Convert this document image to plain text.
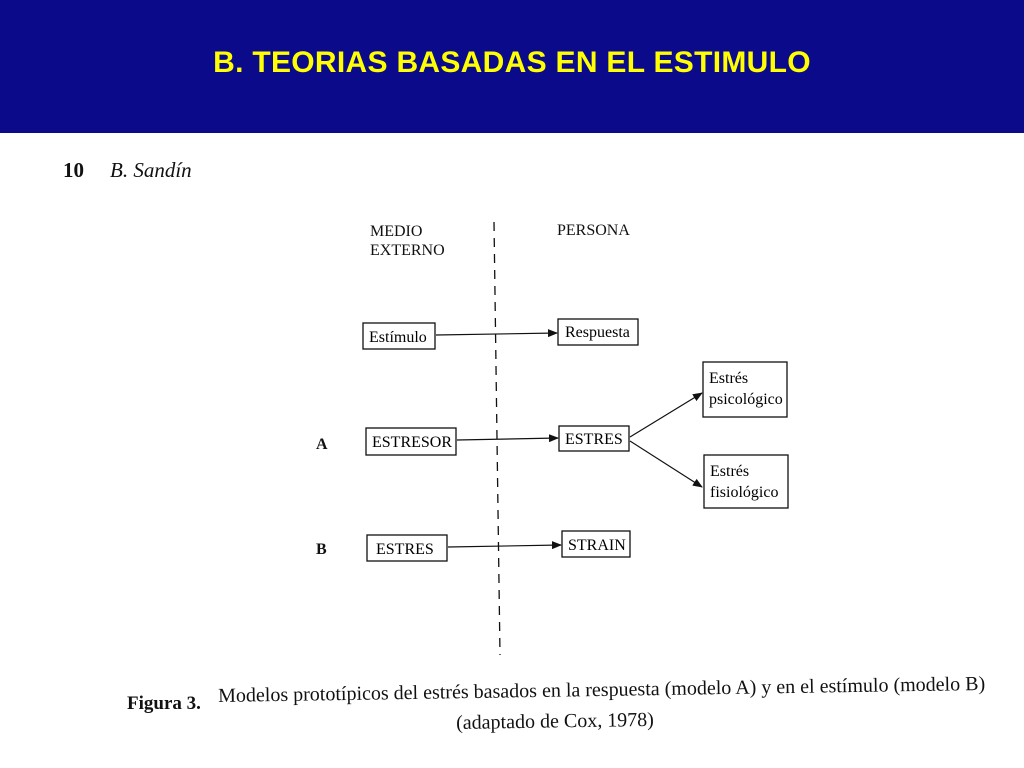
B. TEORIAS BASADAS EN EL ESTIMULO
10 B. Sandín
MEDIO
EXTERNO
PERSONA
A
B
Estímulo	Respuesta
ESTRESOR	ESTRES
Estrés
psicológico
Estrés
fisiológico
ESTRES	STRAIN
Figura 3. Modelos prototípicos del estrés basados en la respuesta (modelo A) y en el estímulo (modelo B)
(adaptado de Cox, 1978)
